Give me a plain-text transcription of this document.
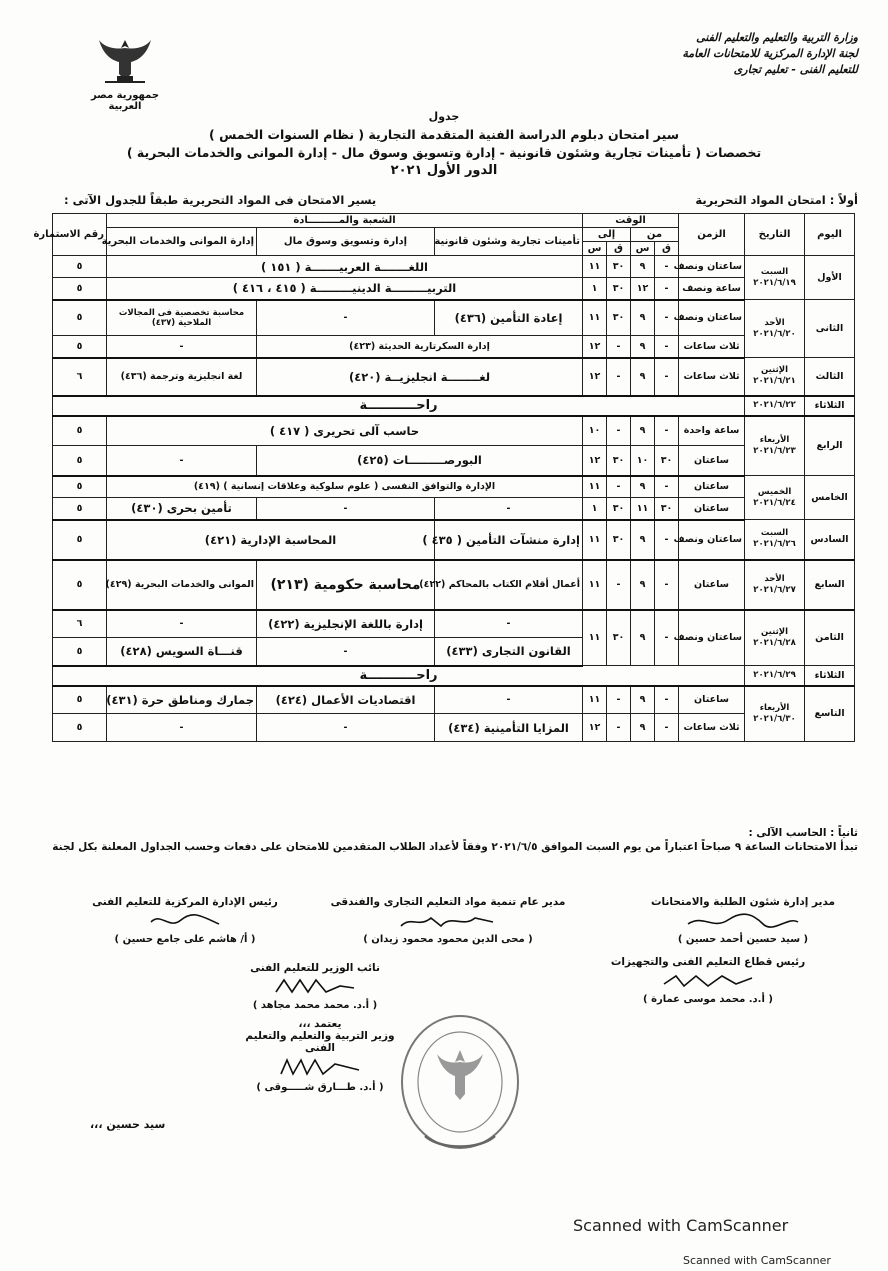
وزارة التربية والتعليم والتعليم الفنى
لجنة الإدارة المركزية للامتحانات العامة
للتعليم الفنى - تعليم تجارى
جمهورية مصر العربية
جدول
سير امتحان دبلوم الدراسة الفنية المتقدمة التجارية ( نظام السنوات الخمس )
تخصصات ( تأمينات تجارية وشئون قانونية - إدارة وتسويق وسوق مال - إدارة الموانى والخدمات البحرية )
الدور الأول ٢٠٢١
أولاً : امتحان المواد التحريرية
يسير الامتحان فى المواد التحريرية طبقاً للجدول الآتى :
اليوم	التاريخ	الزمن	الوقت				الشعبة والمـــــــــادة			رقم الاستمارة
			من		إلى		تأمينات تجارية وشئون قانونية	إدارة وتسويق وسوق مال	إدارة الموانى والخدمات البحرية	
			ق	س	ق	س				
الأول	السبت ٢٠٢١/٦/١٩	ساعتان ونصف	-	٩	٣٠	١١	اللغـــــــة العربيـــــــة ( ١٥١ )			٥
		ساعة ونصف	-	١٢	٣٠	١	التربيـــــــــة الدينيـــــــــة ( ٤١٥ ، ٤١٦ )			٥
الثانى	الأحد ٢٠٢١/٦/٢٠	ساعتان ونصف	-	٩	٣٠	١١	إعادة التأمين (٤٣٦)	-	محاسبة تخصصية فى المجالات الملاحية (٤٣٧)	٥
		ثلاث ساعات	-	٩	-	١٢	إدارة السكرتارية الحديثة (٤٢٣)		-	٥
الثالث	الإثنين ٢٠٢١/٦/٢١	ثلاث ساعات	-	٩	-	١٢	لغــــــــة انجليزيــة (٤٢٠)		لغة انجليزية وترجمة (٤٣٦)	٦
الثلاثاء	٢٠٢١/٦/٢٢	راحـــــــــــة								
الرابع	الأربعاء ٢٠٢١/٦/٢٣	ساعة واحدة	-	٩	-	١٠	حاسب آلى تحريرى ( ٤١٧ )			٥
		ساعتان	٣٠	١٠	٣٠	١٢	البورصـــــــــات (٤٢٥)		-	٥
الخامس	الخميس ٢٠٢١/٦/٢٤	ساعتان	-	٩	-	١١	الإدارة والتوافق النفسى ( علوم سلوكية وعلاقات إنسانية ) (٤١٩)			٥
		ساعتان	٣٠	١١	٣٠	١	-	-	تأمين بحرى (٤٣٠)	٥
السادس	السبت ٢٠٢١/٦/٢٦	ساعتان ونصف	-	٩	٣٠	١١	إدارة منشآت التأمين ( ٤٣٥ )	المحاسبة الإدارية (٤٢١)		٥
السابع	الأحد ٢٠٢١/٦/٢٧	ساعتان	-	٩	-	١١	أعمال أقلام الكتاب بالمحاكم (٤٢٢)	محاسبة حكومية (٢١٣)	الموانى والخدمات البحرية (٤٢٩)	٥
الثامن	الإثنين ٢٠٢١/٦/٢٨	ساعتان ونصف	-	٩	٣٠	١١	-	إدارة باللغة الإنجليزية (٤٢٢)	-	٦
							القانون التجارى (٤٣٣)	-	قنـــاة السويس (٤٢٨)	٥
الثلاثاء	٢٠٢١/٦/٢٩	راحـــــــــــة								
التاسع	الأربعاء ٢٠٢١/٦/٣٠	ساعتان	-	٩	-	١١	-	اقتصاديات الأعمال (٤٢٤)	جمارك ومناطق حرة (٤٣١)	٥
		ثلاث ساعات	-	٩	-	١٢	المزايا التأمينية (٤٣٤)	-	-	٥
ثانياً : الحاسب الآلى :
تبدأ الامتحانات الساعة ٩ صباحاً اعتباراً من يوم السبت الموافق ٢٠٢١/٦/٥ وفقاً لأعداد الطلاب المتقدمين للامتحان على دفعات وحسب الجداول المعلنة بكل لجنة
مدير إدارة شئون الطلبة والامتحانات
( سيد حسين أحمد حسين )
مدير عام تنمية مواد التعليم التجارى والفندقى
( محى الدين محمود محمود زيدان )
رئيس الإدارة المركزية للتعليم الفنى
( أ/ هاشم على جامع حسين )
رئيس قطاع التعليم الفنى والتجهيزات
( أ.د. محمد موسى عمارة )
نائب الوزير للتعليم الفنى
( أ.د. محمد محمد مجاهد )
يعتمد ،،،
وزير التربية والتعليم والتعليم الفنى
( أ.د. طـــارق شـــــوقى )
سيد حسين ،،،
Scanned with CamScanner
Scanned with CamScanner
